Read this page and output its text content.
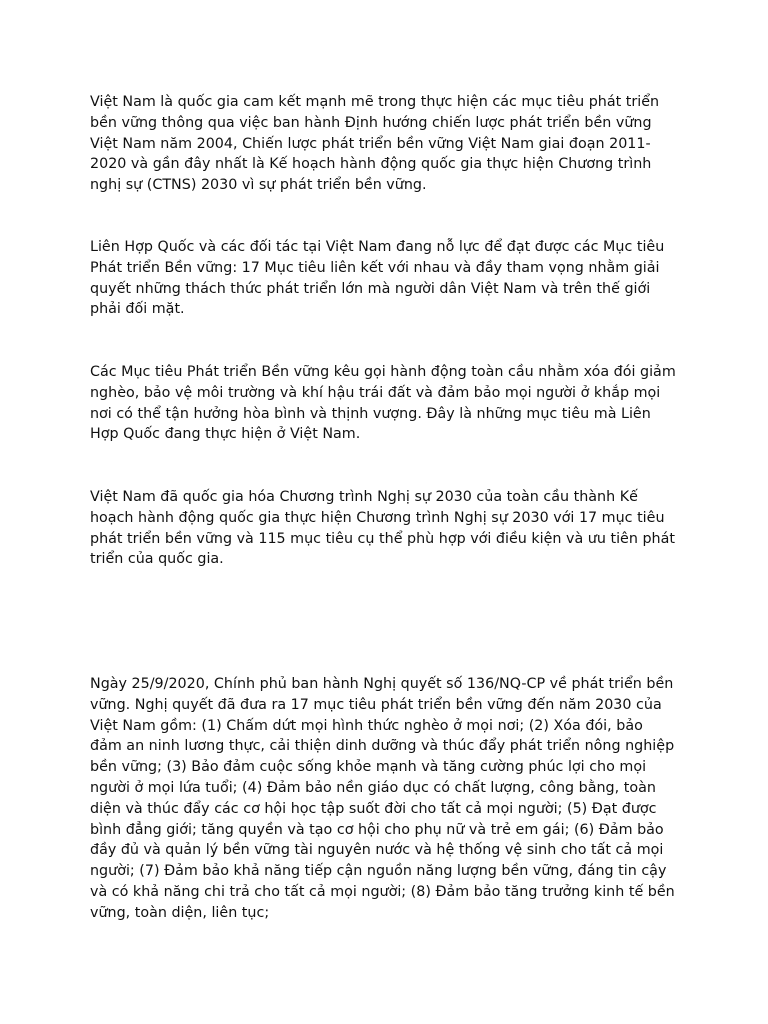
Việt Nam là quốc gia cam kết mạnh mẽ trong thực hiện các mục tiêu phát triển bền vững thông qua việc ban hành Định hướng chiến lược phát triển bền vững Việt Nam năm 2004, Chiến lược phát triển bền vững Việt Nam giai đoạn 2011-2020 và gần đây nhất là Kế hoạch hành động quốc gia thực hiện Chương trình nghị sự (CTNS) 2030 vì sự phát triển bền vững.

Liên Hợp Quốc và các đối tác tại Việt Nam đang nỗ lực để đạt được các Mục tiêu Phát triển Bền vững: 17 Mục tiêu liên kết với nhau và đầy tham vọng nhằm giải quyết những thách thức phát triển lớn mà người dân Việt Nam và trên thế giới phải đối mặt.

Các Mục tiêu Phát triển Bền vững kêu gọi hành động toàn cầu nhằm xóa đói giảm nghèo, bảo vệ môi trường và khí hậu trái đất và đảm bảo mọi người ở khắp mọi nơi có thể tận hưởng hòa bình và thịnh vượng. Đây là những mục tiêu mà Liên Hợp Quốc đang thực hiện ở Việt Nam.

Việt Nam đã quốc gia hóa Chương trình Nghị sự 2030 của toàn cầu thành Kế hoạch hành động quốc gia thực hiện Chương trình Nghị sự 2030 với 17 mục tiêu phát triển bền vững và 115 mục tiêu cụ thể phù hợp với điều kiện và ưu tiên phát triển của quốc gia.

Ngày 25/9/2020, Chính phủ ban hành Nghị quyết số 136/NQ-CP về phát triển bền vững. Nghị quyết đã đưa ra 17 mục tiêu phát triển bền vững đến năm 2030 của Việt Nam gồm: (1) Chấm dứt mọi hình thức nghèo ở mọi nơi; (2) Xóa đói, bảo đảm an ninh lương thực, cải thiện dinh dưỡng và thúc đẩy phát triển nông nghiệp bền vững; (3) Bảo đảm cuộc sống khỏe mạnh và tăng cường phúc lợi cho mọi người ở mọi lứa tuổi; (4) Đảm bảo nền giáo dục có chất lượng, công bằng, toàn diện và thúc đẩy các cơ hội học tập suốt đời cho tất cả mọi người; (5) Đạt được bình đẳng giới; tăng quyền và tạo cơ hội cho phụ nữ và trẻ em gái; (6) Đảm bảo đầy đủ và quản lý bền vững tài nguyên nước và hệ thống vệ sinh cho tất cả mọi người; (7) Đảm bảo khả năng tiếp cận nguồn năng lượng bền vững, đáng tin cậy và có khả năng chi trả cho tất cả mọi người; (8) Đảm bảo tăng trưởng kinh tế bền vững, toàn diện, liên tục;
